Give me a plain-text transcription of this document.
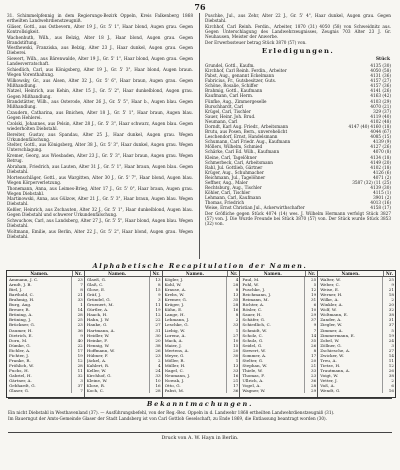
76

31. Schimmelpfennig in dem Regierungs-Bezirk Oppeln, Kreis Falkenberg 1868 ertheilten Landwehrdienstzeugniß.

Gläser, Gottl., aus Ostbevern, Alter 19 J., Gr. 5' 1", Haar blond, Augen grau. Gegen Kontrollsigkeit.

Wachenhuth, Wilh., aus Belzig, Alter 18 J., Haar blond, Augen grau. Gegen Brandstiftung.

Westhewski, Franziska, aus Belzig, Alter 23 J., Haar dunkel, Augen grau. Gegen Dieberei.

Siewert, Wilh., aus Bärenwalde, Alter 19 J., Gr. 5' 1", Haar blond, Augen grau. Gegen Landesverratschaft.

Schiedlich, Carl, aus Königsberg, Alter 19 J., Gr. 5' 3", Haar blond, Augen braun. Wegen Vorenthaltung.

Wilkowsky, Gr., aus Alsen, Alter 32 J., Gr. 5' 6", Haar braun, Augen grau. Gegen Mißhandlung.

Natzel, Heinrich, aus Kehin, Alter 15 J., Gr. 5' 2", Haar dunkelblond, Augen grau. Gegen Mißhandlung.

Brandstätter, Wilh., aus Osterode, Alter 26 J., Gr. 5' 5", Haar b., Augen blau. Gegen Mißhandlung.

Czaudern, Catharina, aus Bnichen, Alter 18 J., Gr. 5' 1", Haar braun, Augen blau. Gegen Hehlerei.

Czolski, Johannes, aus Pelsin, Alter 28 J., Gr. 5' 3", Haar schwarz, Augen blau. Gegen wiederholten Diebstahl.

Bereiter, Gustav, aus Spandau, Alter 25 J., Haar dunkel, Augen grau. Wegen Urkundenfälschung.

Stelter, Gottl., aus Königsberg, Alter 38 J., Gr. 5' 3", Haar dunkel, Augen grau. Wegen Unterschlagung.

Kremer, Georg, aus Wiesbaden, Alter 23 J., Gr. 5' 3", Haar braun, Augen grau. Wegen Betrug.

Abraham, Friedrich, aus Lauten, Alter 31 J., Gr. 5' 1", Haar braun, Augen blau. Gegen Diebstahl.

Mortenschläger, Gottl., aus Wargitten, Alter 30 J., Gr. 5' 7", Haar blond, Augen blau. Wegen Körperverletzung.

Thonemann, Anna, aus Leimes-Brieg, Alter 17 J., Gr. 5' 0", Haar braun, Augen grau. Wegen Diebstahl.

Martinowski, Anna, aus Gülzow, Alter 21 J., Gr. 5' 3", Haar braun, Augen blau. Wegen Diebstahl.

Keßler, Heinrich, aus Zschauten, Alter 32 J., Gr. 5' 1", Haar dunkelblond, Augen blau. Gegen Diebstahl und schwerer Urkundenfälschung.

Schwuchow, Carl, aus Landsberg, Alter 27 J., Gr. 5' 5", Haar blond, Augen blau. Wegen Diebstahl.

Woltmann, Emilie, aus Berlin, Alter 22 J., Gr. 5' 2", Haar blond, Augen grau. Wegen Diebstahl.

Puschke, Jul., aus Zehr, Alter 22 J., Gr. 5' 4", Haar dunkel, Augen grau. Gegen Diebstahl.

Kirchhof, Carl Reinh. Ferdin., Arbeiter, 1870 (31) 4050 (58) von Schweidnitz aus. Gegen Unterschlagung des Landwehrzeugnisses, Zeugnis 703 Alter 23 J. Gr. Neuhausen, Meister der Anwerbe.

Der Erwerbssteuer betrag Stück 3870 (57) von.

Erledigungen.
	Stück
Grundel, Gottl., Kaufm.	4135 (30)
Kirchhof, Carl Reinh. Ferdin., Arbeiter	4050 (58)
Pabst, Aug., genannt Eckelmann	4131 (36)
Fabricius, Fr., Gutsbesitzer, Guts.	4157 (27)
Schöne, Rosalie, Schiffer	4157 (36)
Brahmig, Gottl., Kaufmann	4141 (26)
Kaufmann, Carl Herm.	4163 (42)
Fünfke, Aug., Zimmergeselle	4103 (29)
Burschhardt, Carl	4070 (21)
Krügel, Carl, Tischler	329 (37)
Sauer, Heinr. Joh. Brud.	4119 (40)
Neumann, Carl	4102 (48)
Dorndt, Karl Aug. Friedr., Arbeitsmann	4147 (40) 4160 (18)
Brutu, aus Posen, Bern., unverehelicht	4044 (67)
Leschendorf, Ernst, Handelsmann	4085 (15)
Schumann, Carl Friedr. Aug., Kaufmann	4139 (9)
Möllers, Wilhelm, Schmied	4127 (26)
Schärke, Carl Ed. Wilh., Kaufmann	4070 (8)
Kleine, Carl, Tagelöhner	4134 (18)
Schmerbeck, Carl, Arbeitsmann	4149 (20)
Rahl, Jul. Gottlieb, Gärtner	4102 (18)
Krüger, Aug., Schuhmacher	4126 (6)
Reichmann, Jul., Tagelöhner	4071 (2)
Seffner, Aug., Maler	3587 (32) (11 (25)
Rechtsburg, Aug., Tischler	4139 (30)
Köhler, Carl, Tischler	4115 (1)
Lehmann, Carl, Kaufmann	3901 (2)
Thomas, Friedrich	4013 (16)
Weise, Ernst Christian Jul., Ackerwirthschafter	4158 (17)

Der Gröfliche gegen Stück 4074 (14) wes. J. Wilhelm Hermann verfolgt Stück 3827 (57) von. J. Die Wurde Freunde bei Stück 3870 (57) von. Der Stück wurde Stück 3853 (32) von.

Alphabetische Recapitulation der Namen.
Namen.	Nr.
Ammann, J. C.	23
Arndt, J. B.	7
Biel, J.	8
Barthold, C.	21
Brahmig, H.	33
Burg, Aug.	1
Breuer, R.	14
Brüning, A.	28
Brüning, J.	25
Brückner, G.	23
Daumer, H.	36
Dietrich, E.	9
Dorn, M.	40
Dümke, G.	22
Eichler, A.	17
Fichter, J.	19
Franke, R.	12
Fröhlich, W.	28
Fuchs, H.	11
Gabriel, H.	32
Gärtner, A.	3
Gebhardt, G.	37
Glaser, G.	7
Namen.	Nr.
Glaeß, G.	13
Glaß, C.	8
Glose, E.	15
Gräf, J.	9
Gründel, G.	3
Gruenert, M.	11
Gürtler, A.	19
Haack, H.	12
Hahn, J. W.	22
Hanke, G.	27
Hartmann, A.	31
Heidler, W.	30
Heinke, F.	20
Hennig, W.	38
Hoffmann, W.	26
Hübner, F.	23
Jäckel, A.	2
Kahlert, R.	4
Keller, W.	24
Kirchhof, G.	33
Kleine, W.	10
Klose, R.	16
Koch, C.	28
Namen.	Nr.
Kögler, J.	4
Kohl, W.	28
Krause, A.	8
Krebs, W.	13
Kremer, G.	35
Krüger, J.	28
Kühn, E.	16
Lange, H.	8
Lehmann, J.	2
Leschke, G.	33
Liebig, W.	1
Lorenz, A.	27
Mack, A.	10
Maier, J.	15
Mertens, A.	20
Meyer, G.	30
Möller, R.	1
Müller, H.	13
Nagel, C.	33
Neumann, J.	16
Nowak, J.	21
Otto, G.	17
Pabst, M.	36
Namen.	Nr.
Paul, M.	25
Pohl, W.	5
Puschke, J.	12
Reichmann, J.	19
Reimann, M.	31
Richter, A.	6
Rösler, C.	10
Sauer, H.	29
Schäfer, G.	37
Schiedlich, C.	9
Schmidt, W.	7
Scholz, C.	14
Schulz, G.	35
Seidel, G.	26
Siewert, W.	8
Sommer, A.	17
Stelter, G.	20
Stephan, W.	21
Thiele, W.	33
Thomas, F.	23
Ullrich, A.	36
Vogel, A.	28
Wagner, W.	29
Namen.	Nr.
Walter, W.	25
Weber, C.	9
Weise, E.	21
Werner, H.	18
Wilke, A.	2
Winkler, A.	20
Wolf, W.	32
Woltmann, E.	38
Zander, A.	31
Ziegler, W.	37
Zimmer, A.	5
Zimmermann, E.	19
Zobel, W.	24
Zöllner, G.	3
Zschiesche, A.	27
Zwicker, W.	14
Treu, A.	11
Tietze, H.	12
Trautmann, A.	26
Voigt, W.	38
Vetter, J.	2
Voß, A.	6
Wendt, G.	16
Bekanntmachungen.

Ein nicht Diebstahl in Westhavenland (37). — Ausführungsbefehl, von der Reg.-Bez. Oppeln in d. Landwehr 1868 ertheilten Landwehrdienstzeugniß (31).

Im Bauerngut der Amts-Gemeinde Glaser der Stadt Landsberg ist von Carl Gottlob Geselschaft, zu Ende 1869, die Entlassung beantragt worden (30).

Druck von A. W. Hayn in Berlin.
